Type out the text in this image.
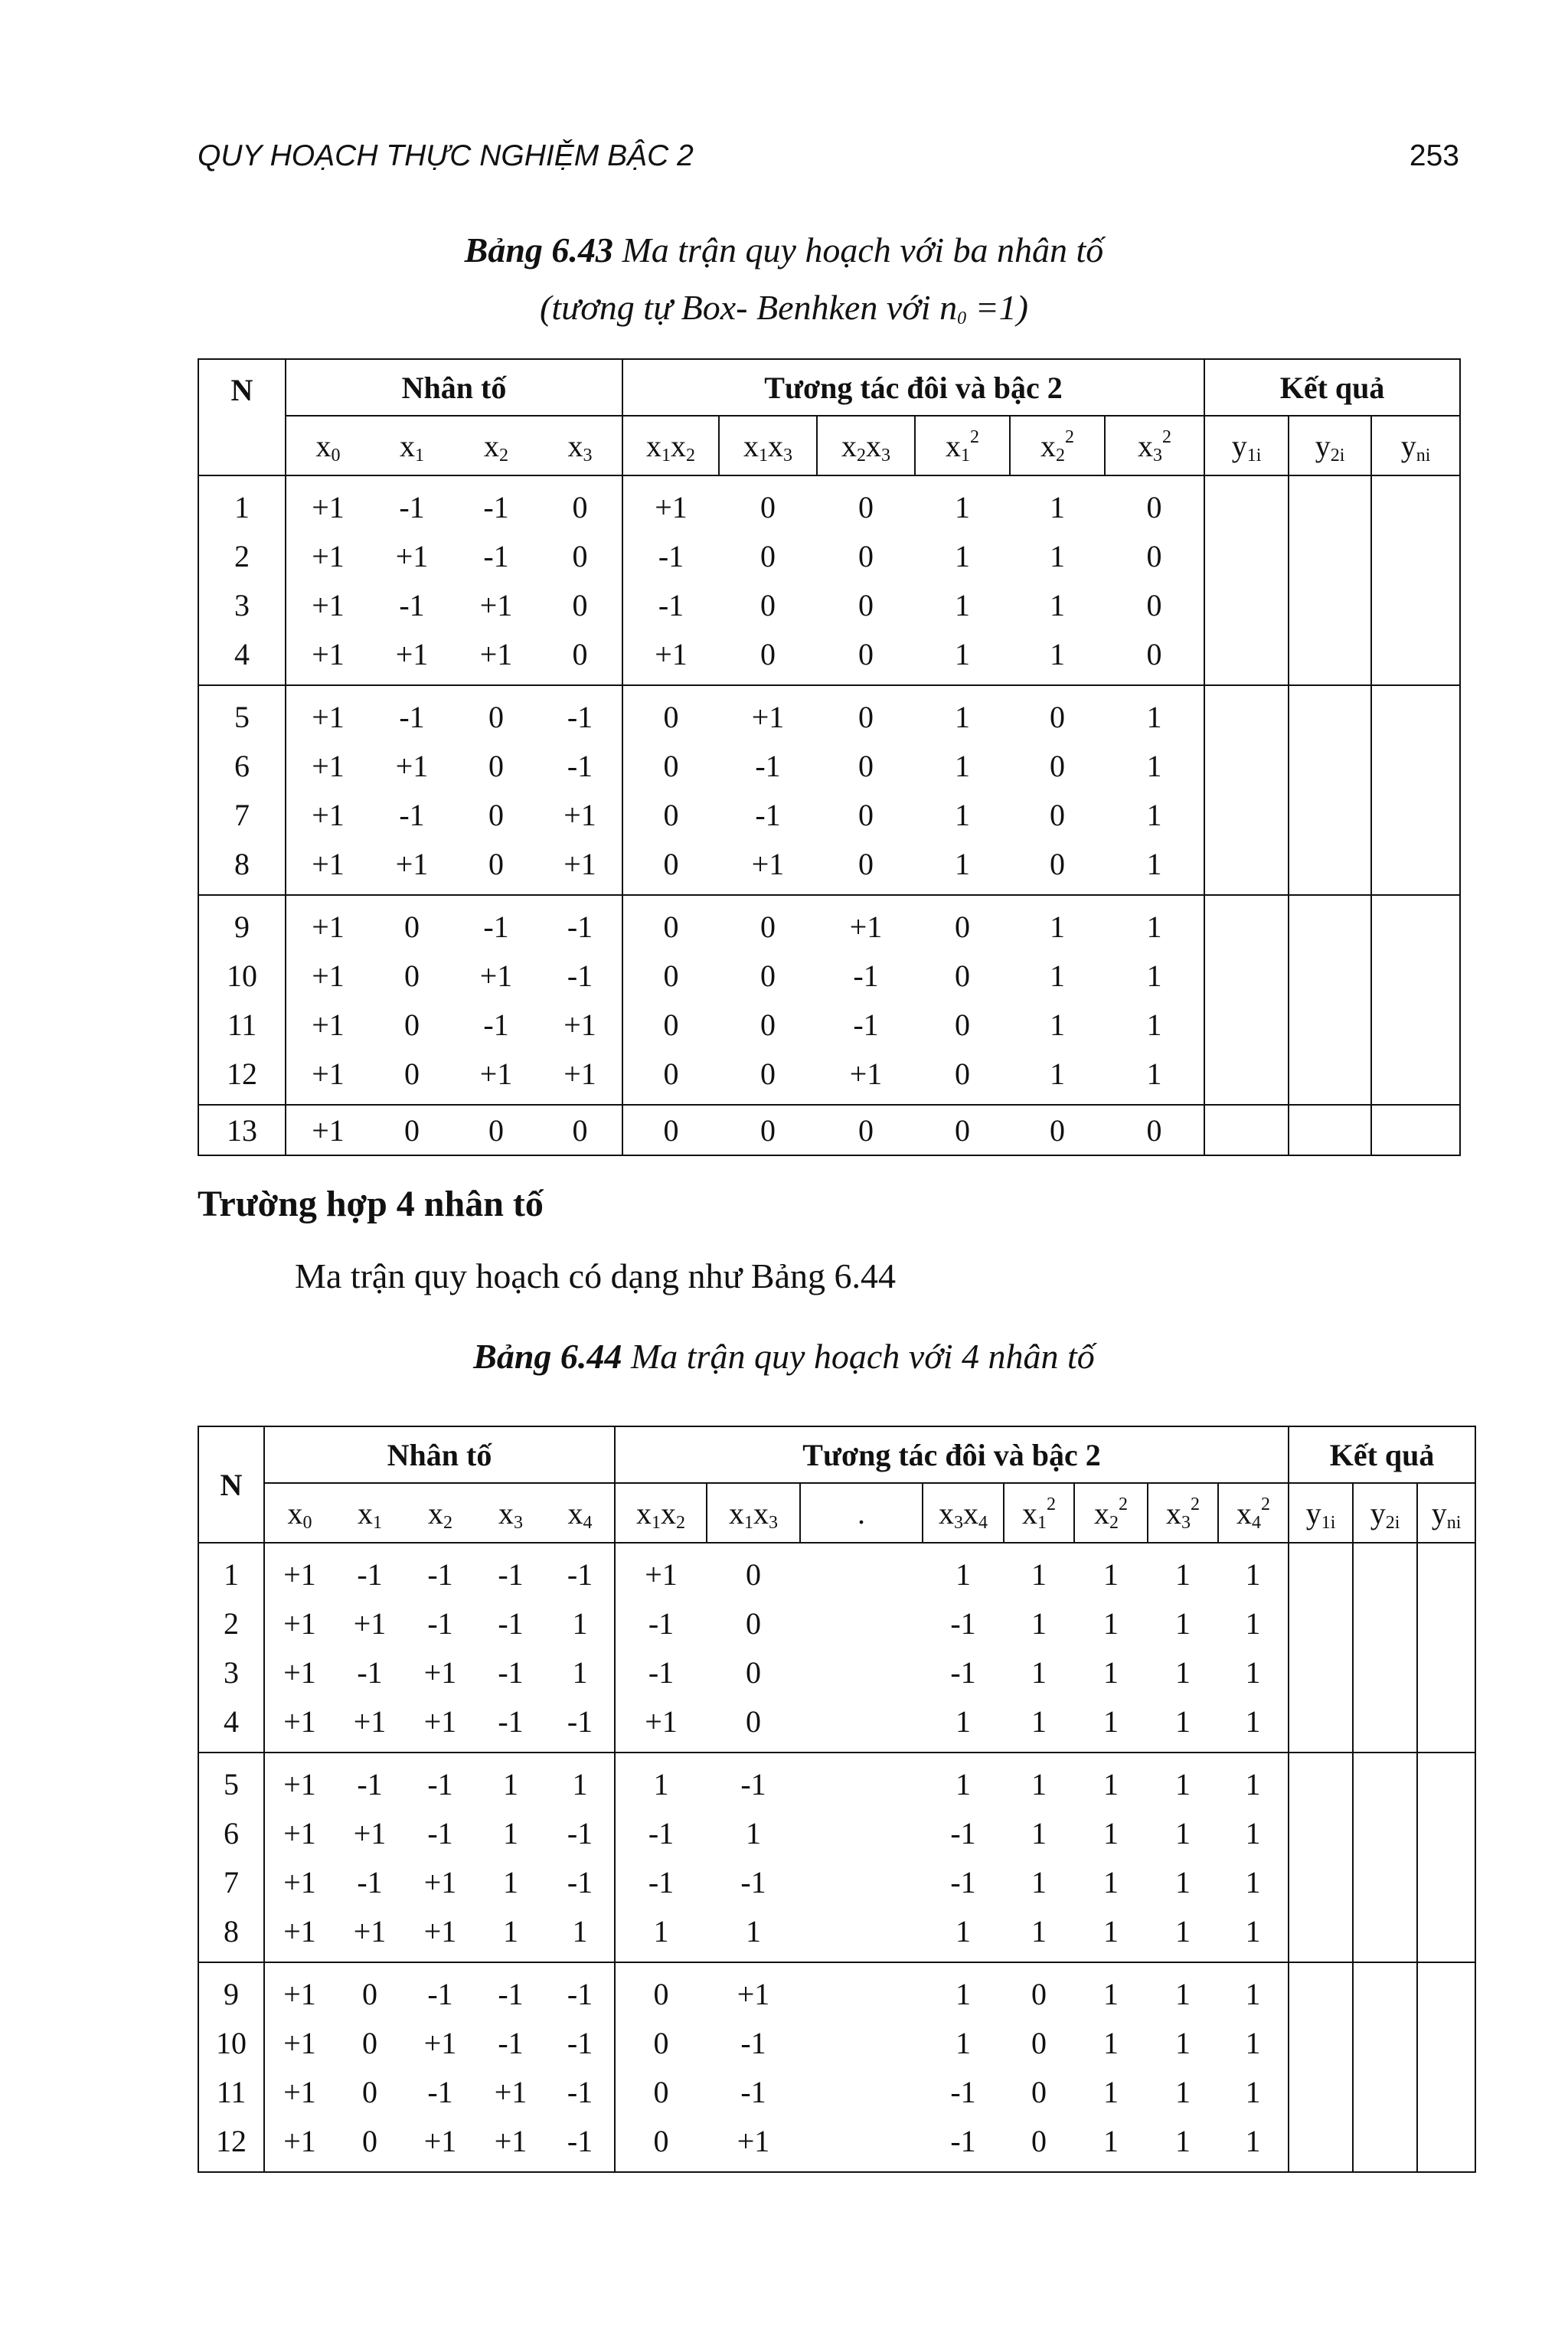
QUY HOẠCH THỰC NGHIỆM BẬC 2	253
Bảng 6.43 Ma trận quy hoạch với ba nhân tố
(tương tự Box- Benhken với $n_0 =1$)
N	Nhân tố				Tương tác đôi và bậc 2						Kết quả		
	$x_0$	$x_1$	$x_2$	$x_3$	$x_1x_2$	$x_1x_3$	$x_2x_3$	$x_1^2$	$x_2^2$	$x_3^2$	$y_{1i}$	$y_{2i}$	$y_{ni}$
1	+1	-1	-1	0	+1	0	0	1	1	0			
2	+1	+1	-1	0	-1	0	0	1	1	0			
3	+1	-1	+1	0	-1	0	0	1	1	0			
4	+1	+1	+1	0	+1	0	0	1	1	0			
5	+1	-1	0	-1	0	+1	0	1	0	1			
6	+1	+1	0	-1	0	-1	0	1	0	1			
7	+1	-1	0	+1	0	-1	0	1	0	1			
8	+1	+1	0	+1	0	+1	0	1	0	1			
9	+1	0	-1	-1	0	0	+1	0	1	1			
10	+1	0	+1	-1	0	0	-1	0	1	1			
11	+1	0	-1	+1	0	0	-1	0	1	1			
12	+1	0	+1	+1	0	0	+1	0	1	1			
13	+1	0	0	0	0	0	0	0	0	0			
Trường hợp 4 nhân tố
Ma trận quy hoạch có dạng như Bảng 6.44
Bảng 6.44 Ma trận quy hoạch với 4 nhân tố
N	Nhân tố					Tương tác đôi và bậc 2								Kết quả		
	$x_0$	$x_1$	$x_2$	$x_3$	$x_4$	$x_1x_2$	$x_1x_3$	.	$x_3x_4$	$x_1^2$	$x_2^2$	$x_3^2$	$x_4^2$	$y_{1i}$	$y_{2i}$	$y_{ni}$
1	+1	-1	-1	-1	-1	+1	0		1	1	1	1	1			
2	+1	+1	-1	-1	1	-1	0		-1	1	1	1	1			
3	+1	-1	+1	-1	1	-1	0		-1	1	1	1	1			
4	+1	+1	+1	-1	-1	+1	0		1	1	1	1	1			
5	+1	-1	-1	1	1	1	-1		1	1	1	1	1			
6	+1	+1	-1	1	-1	-1	1		-1	1	1	1	1			
7	+1	-1	+1	1	-1	-1	-1		-1	1	1	1	1			
8	+1	+1	+1	1	1	1	1		1	1	1	1	1			
9	+1	0	-1	-1	-1	0	+1		1	0	1	1	1			
10	+1	0	+1	-1	-1	0	-1		1	0	1	1	1			
11	+1	0	-1	+1	-1	0	-1		-1	0	1	1	1			
12	+1	0	+1	+1	-1	0	+1		-1	0	1	1	1			
